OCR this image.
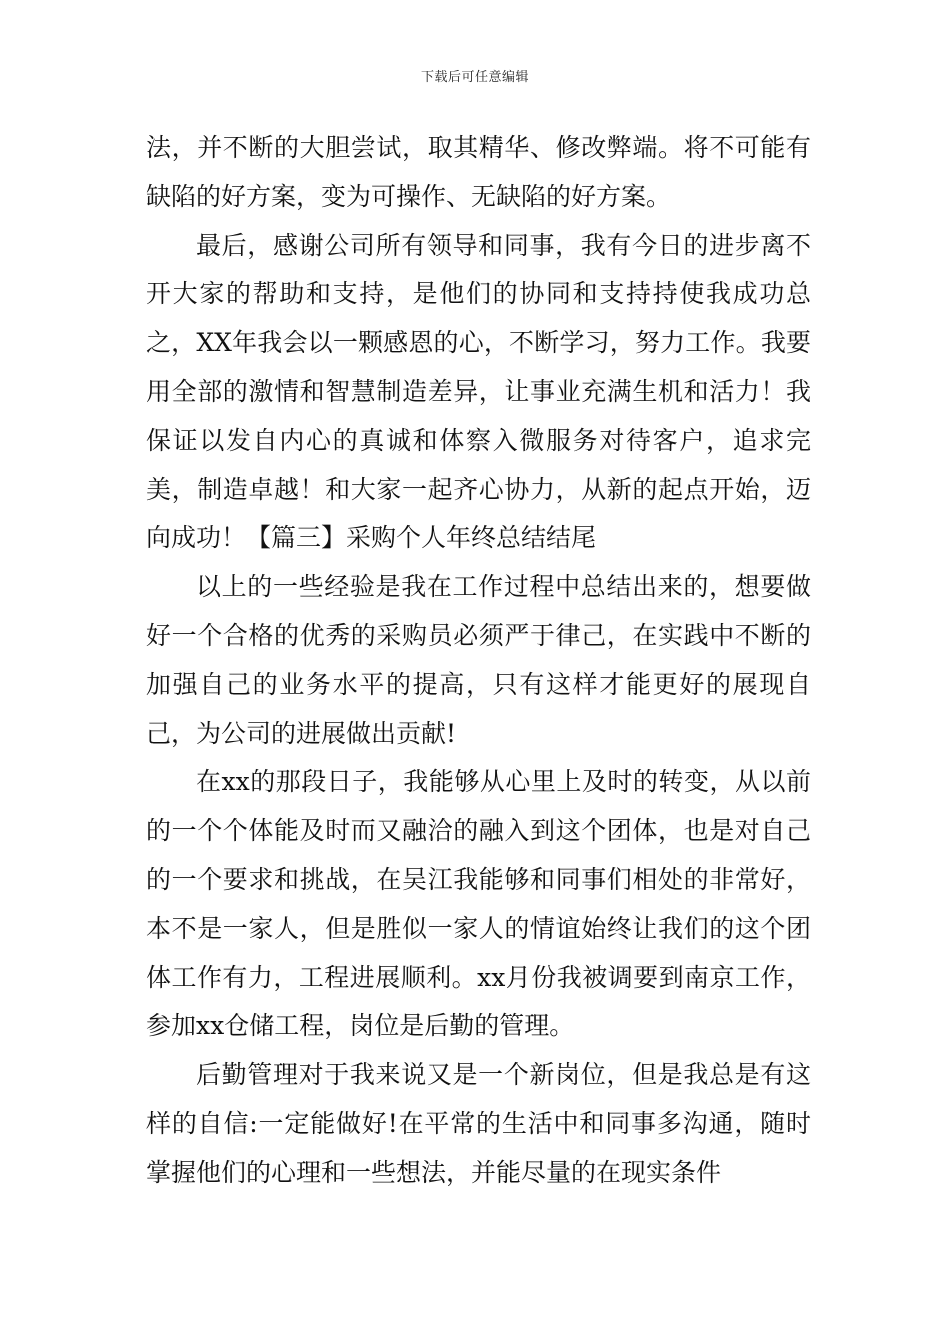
下载后可任意编辑

法，并不断的大胆尝试，取其精华、修改弊端。将不可能有缺陷的好方案，变为可操作、无缺陷的好方案。

最后，感谢公司所有领导和同事，我有今日的进步离不开大家的帮助和支持，是他们的协同和支持持使我成功总之，XX年我会以一颗感恩的心，不断学习，努力工作。我要用全部的激情和智慧制造差异，让事业充满生机和活力！我保证以发自内心的真诚和体察入微服务对待客户，追求完美，制造卓越！和大家一起齐心协力，从新的起点开始，迈向成功！【篇三】采购个人年终总结结尾

以上的一些经验是我在工作过程中总结出来的，想要做好一个合格的优秀的采购员必须严于律己，在实践中不断的加强自己的业务水平的提高，只有这样才能更好的展现自己，为公司的进展做出贡献!

在xx的那段日子，我能够从心里上及时的转变，从以前的一个个体能及时而又融洽的融入到这个团体，也是对自己的一个要求和挑战，在吴江我能够和同事们相处的非常好，本不是一家人，但是胜似一家人的情谊始终让我们的这个团体工作有力，工程进展顺利。xx月份我被调要到南京工作，参加xx仓储工程，岗位是后勤的管理。

后勤管理对于我来说又是一个新岗位，但是我总是有这样的自信:一定能做好!在平常的生活中和同事多沟通，随时掌握他们的心理和一些想法，并能尽量的在现实条件
